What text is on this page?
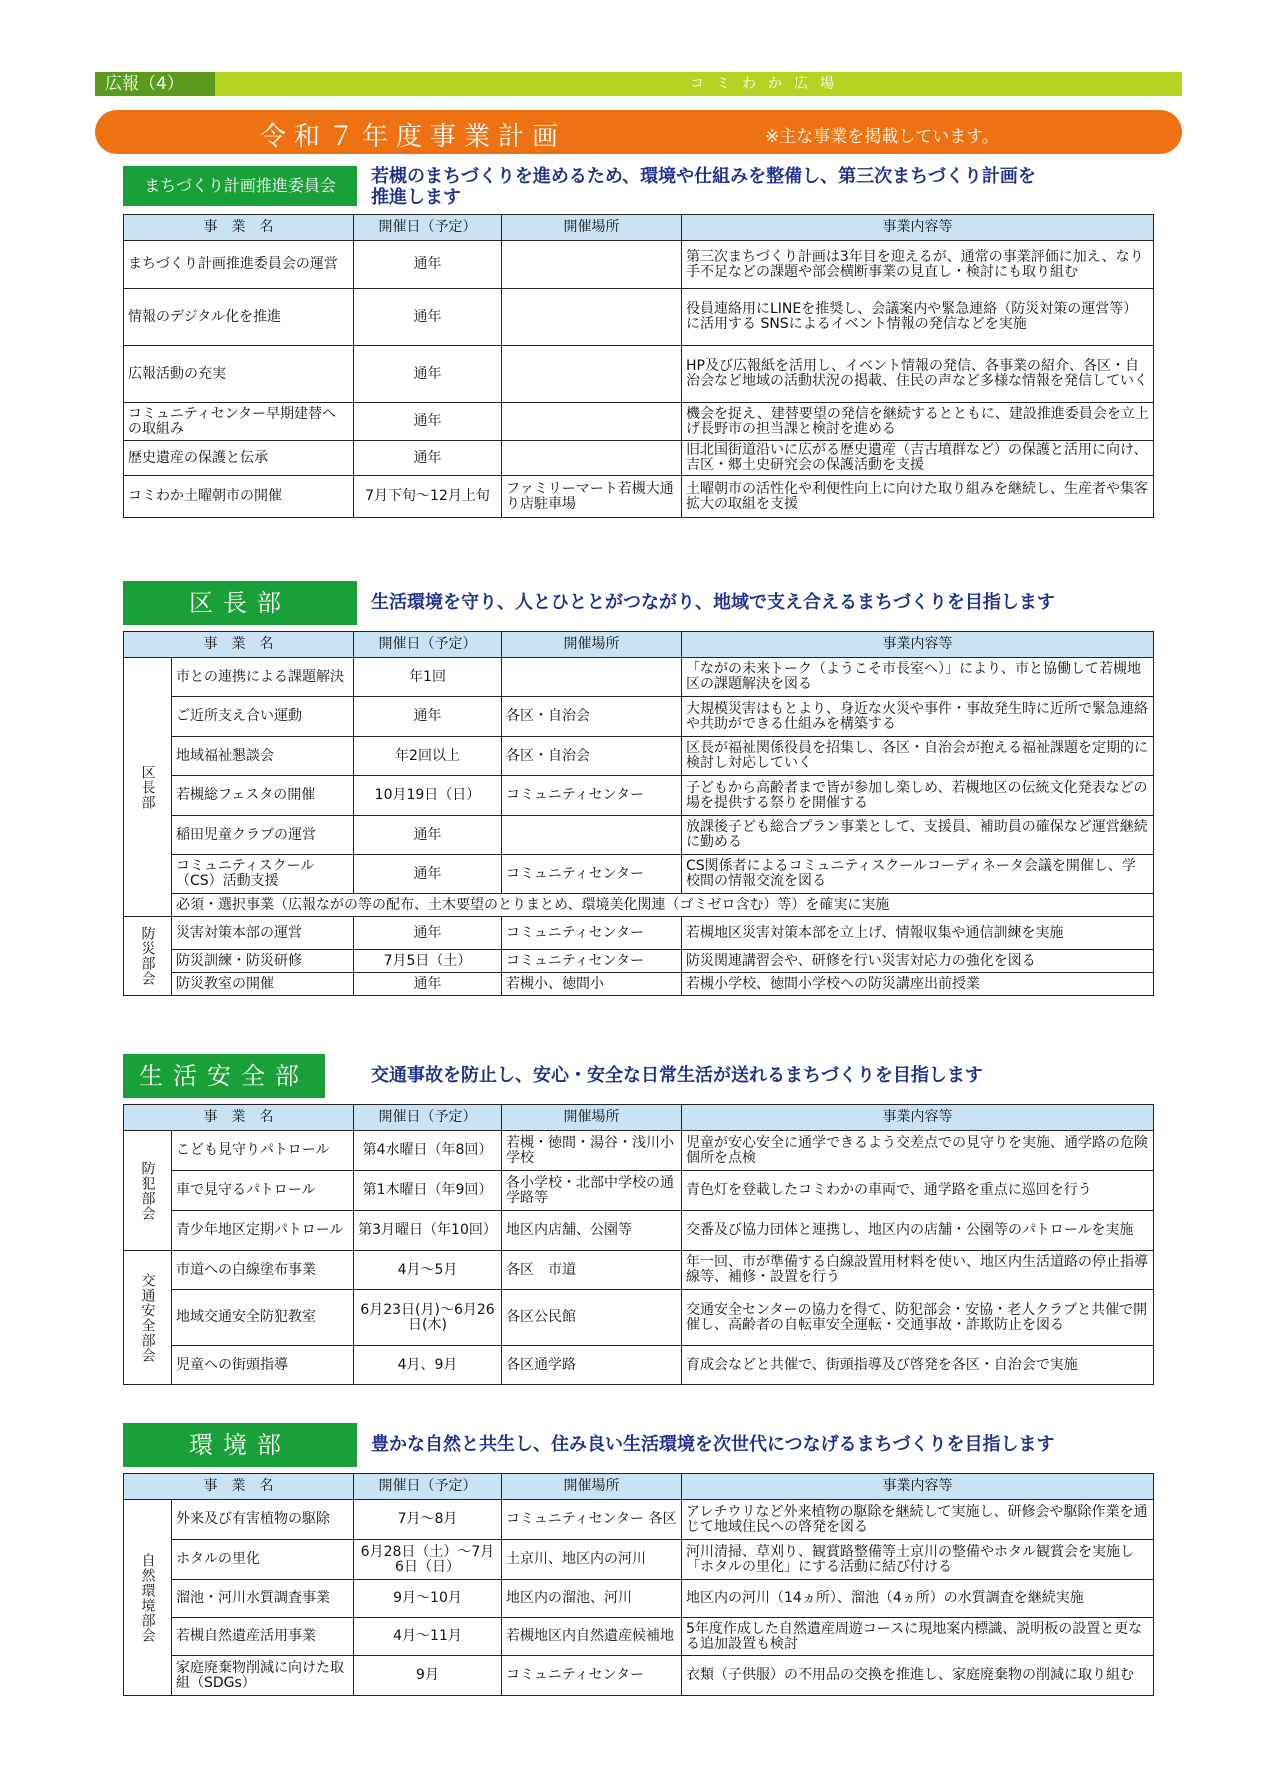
広報（4）	コミわか広場
令和７年度事業計画	※主な事業を掲載しています。
まちづくり計画推進委員会	若槻のまちづくりを進めるため、環境や仕組みを整備し、第三次まちづくり計画を
推進します
事　業　名	開催日（予定）	開催場所	事業内容等
まちづくり計画推進委員会の運営	通年		第三次まちづくり計画は3年目を迎えるが、通常の事業評価に加え、なり手不足などの課題や部会横断事業の見直し・検討にも取り組む
情報のデジタル化を推進	通年		役員連絡用にLINEを推奨し、会議案内や緊急連絡（防災対策の運営等）に活用する SNSによるイベント情報の発信などを実施
広報活動の充実	通年		HP及び広報紙を活用し、イベント情報の発信、各事業の紹介、各区・自治会など地域の活動状況の掲載、住民の声など多様な情報を発信していく
コミュニティセンター早期建替への取組み	通年		機会を捉え、建替要望の発信を継続するとともに、建設推進委員会を立上げ長野市の担当課と検討を進める
歴史遺産の保護と伝承	通年		旧北国街道沿いに広がる歴史遺産（吉古墳群など）の保護と活用に向け、吉区・郷土史研究会の保護活動を支援
コミわか土曜朝市の開催	7月下旬～12月上旬	ファミリーマート若槻大通り店駐車場	土曜朝市の活性化や利便性向上に向けた取り組みを継続し、生産者や集客拡大の取組を支援
区長部	生活環境を守り、人とひととがつながり、地域で支え合えるまちづくりを目指します
事　業　名		開催日（予定）	開催場所	事業内容等

区長部	市との連携による課題解決	年1回		「ながの未来トーク（ようこそ市長室へ）」により、市と協働して若槻地区の課題解決を図る
	ご近所支え合い運動	通年	各区・自治会	大規模災害はもとより、身近な火災や事件・事故発生時に近所で緊急連絡や共助ができる仕組みを構築する
	地域福祉懇談会	年2回以上	各区・自治会	区長が福祉関係役員を招集し、各区・自治会が抱える福祉課題を定期的に検討し対応していく
	若槻総フェスタの開催	10月19日（日）	コミュニティセンター	子どもから高齢者まで皆が参加し楽しめ、若槻地区の伝統文化発表などの場を提供する祭りを開催する
	稲田児童クラブの運営	通年		放課後子ども総合プラン事業として、支援員、補助員の確保など運営継続に勤める
	コミュニティスクール（CS）活動支援	通年	コミュニティセンター	CS関係者によるコミュニティスクールコーディネータ会議を開催し、学校間の情報交流を図る
	必須・選択事業（広報ながの等の配布、土木要望のとりまとめ、環境美化関連（ゴミゼロ含む）等）を確実に実施			

防災部会	災害対策本部の運営	通年	コミュニティセンター	若槻地区災害対策本部を立上げ、情報収集や通信訓練を実施
	防災訓練・防災研修	7月5日（土）	コミュニティセンター	防災関連講習会や、研修を行い災害対応力の強化を図る
	防災教室の開催	通年	若槻小、徳間小	若槻小学校、徳間小学校への防災講座出前授業
生活安全部	交通事故を防止し、安心・安全な日常生活が送れるまちづくりを目指します
事　業　名		開催日（予定）	開催場所	事業内容等

防犯部会	こども見守りパトロール	第4水曜日（年8回）	若槻・徳間・湯谷・浅川小学校	児童が安心安全に通学できるよう交差点での見守りを実施、通学路の危険個所を点検
	車で見守るパトロール	第1木曜日（年9回）	各小学校・北部中学校の通学路等	青色灯を登載したコミわかの車両で、通学路を重点に巡回を行う
	青少年地区定期パトロール	第3月曜日（年10回）	地区内店舗、公園等	交番及び協力団体と連携し、地区内の店舗・公園等のパトロールを実施

交通安全部会	市道への白線塗布事業	4月～5月	各区　市道	年一回、市が準備する白線設置用材料を使い、地区内生活道路の停止指導線等、補修・設置を行う
	地域交通安全防犯教室	6月23日(月)～6月26日(木)	各区公民館	交通安全センターの協力を得て、防犯部会・安協・老人クラブと共催で開催し、高齢者の自転車安全運転・交通事故・詐欺防止を図る
	児童への街頭指導	4月、9月	各区通学路	育成会などと共催で、街頭指導及び啓発を各区・自治会で実施
環境部	豊かな自然と共生し、住み良い生活環境を次世代につなげるまちづくりを目指します
事　業　名		開催日（予定）	開催場所	事業内容等

自然環境部会	外来及び有害植物の駆除	7月～8月	コミュニティセンター 各区	アレチウリなど外来植物の駆除を継続して実施し、研修会や駆除作業を通じて地域住民への啓発を図る
	ホタルの里化	6月28日（土）～7月6日（日）	土京川、地区内の河川	河川清掃、草刈り、観賞路整備等土京川の整備やホタル観賞会を実施し「ホタルの里化」にする活動に結び付ける
	溜池・河川水質調査事業	9月～10月	地区内の溜池、河川	地区内の河川（14ヵ所）、溜池（4ヵ所）の水質調査を継続実施
	若槻自然遺産活用事業	4月～11月	若槻地区内自然遺産候補地	5年度作成した自然遺産周遊コースに現地案内標識、説明板の設置と更なる追加設置も検討
	家庭廃棄物削減に向けた取組（SDGs）	9月	コミュニティセンター	衣類（子供服）の不用品の交換を推進し、家庭廃棄物の削減に取り組む
